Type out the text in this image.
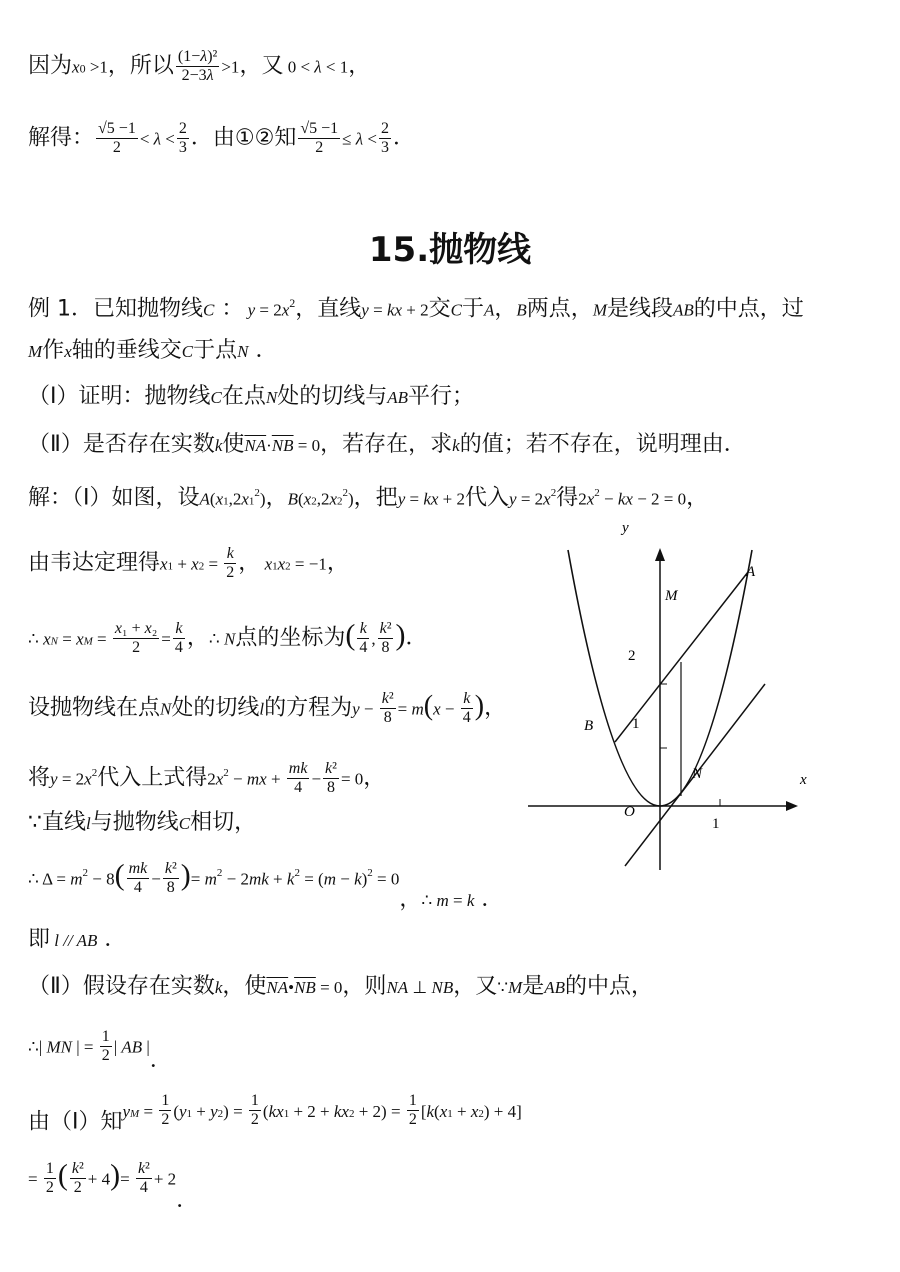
因为x0 >1，所以 $\frac{\text{(1−λ)²}}{2-3\lambda} >1$，又 0 < λ < 1，
解得： $\frac{√5 -1}{2} < \lambda < \frac{2}{3}$ ．由①②知 $\frac{√5 -1}{2} \le \lambda < \frac{2}{3}$ ．
15.抛物线
例 1．已知抛物线C ： $y = 2x^2$，直线y = kx + 2交C于A，B两点，M是线段AB的中点，过
M作x轴的垂线交C于点N ．
（Ⅰ）证明：抛物线C在点N处的切线与AB平行；
（Ⅱ）是否存在实数k使$\overline{NA}\cdot\overline{NB} = 0$，若存在，求k的值；若不存在，说明理由．
解：（Ⅰ）如图，设$A(x1,2x1^2)$，$B(x2,2x2^2)$，把y = kx + 2代入$y = 2x^2$得$2x^2$ − kx − 2 = 0，
由韦达定理得$x1 + x2 = \frac{k}{2}$ ， x1x2 = −1，
∴ xN = xM = $\frac{\text{x₁ + x₂}}{2} = \frac{k}{4}$ ，∴ N点的坐标为( $\frac{k}{4}$ , $\frac{\text{k²}}{8}$ )．
设抛物线在点N处的切线l的方程为$y - \frac{\text{k²}}{8} = m(x - \frac{k}{4}$ )，
将$y = 2x^2$代入上式得$2x^2$ − mx + $\frac{mk}{4} - \frac{\text{k²}}{8} = 0$，
∵直线l与抛物线C相切，
∴ $\Delta = m^2 - 8( \frac{mk}{4} - \frac{\text{k²}}{8}$ )= $m^2 - 2mk + k^2 = (m - k)^2 = 0$，∴ m = k ．
即 l // AB ．
（Ⅱ）假设存在实数k，使$\overline{NA}•\overline{NB} = 0$，则NA ⊥ NB，又∵M是AB的中点，
∴| MN | = $\frac{1}{2}$ | AB |．
由（Ⅰ）知yM = $\frac{1}{2} (y1 + y2) = \frac{1}{2} (kx1 + 2 + kx2 + 2) = \frac{1}{2} [k(x1 + x2) + 4]$
= $\frac{1}{2}$ ( $\frac{\text{k²}}{2} + 4)= \frac{\text{k²}}{4} + 2$．
y
x
O
1
2
1
A
B
M
N
